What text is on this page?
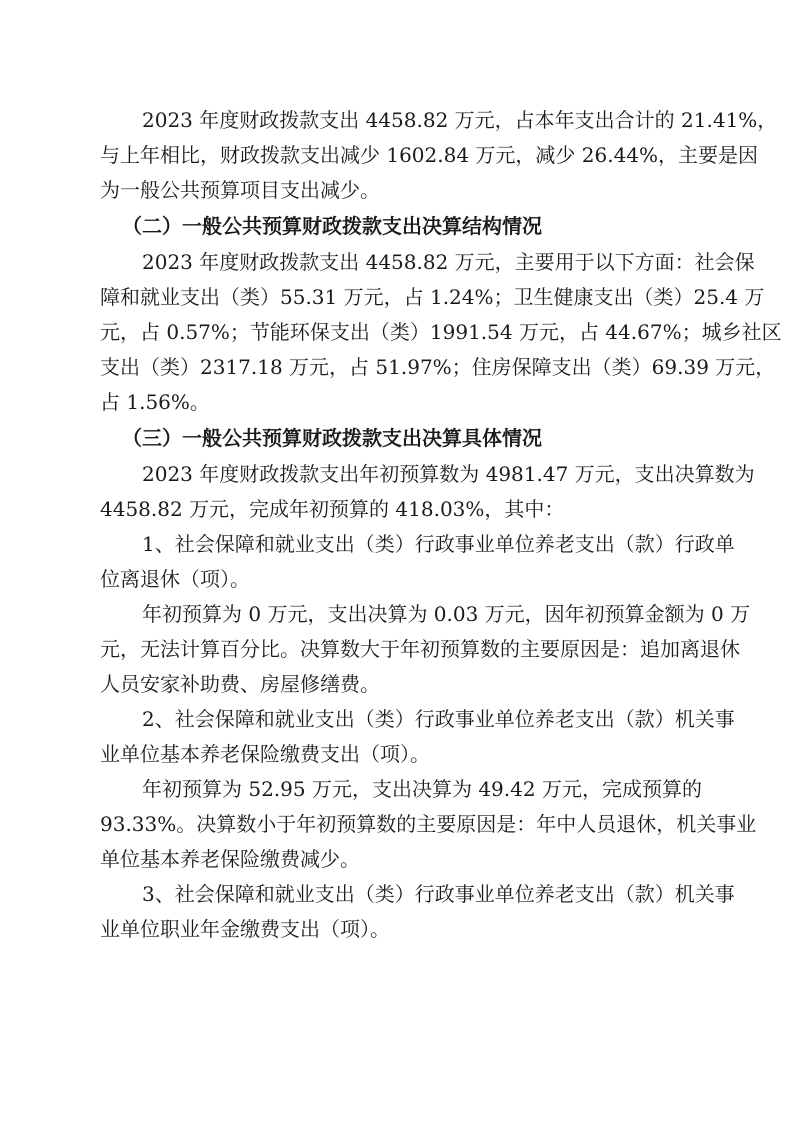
2023 年度财政拨款支出 4458.82 万元，占本年支出合计的 21.41%，
与上年相比，财政拨款支出减少 1602.84 万元，减少 26.44%，主要是因
为一般公共预算项目支出减少。
（二）一般公共预算财政拨款支出决算结构情况
2023 年度财政拨款支出 4458.82 万元，主要用于以下方面：社会保
障和就业支出（类）55.31 万元，占 1.24%；卫生健康支出（类）25.4 万
元，占 0.57%；节能环保支出（类）1991.54 万元，占 44.67%；城乡社区
支出（类）2317.18 万元，占 51.97%；住房保障支出（类）69.39 万元，
占 1.56%。
（三）一般公共预算财政拨款支出决算具体情况
2023 年度财政拨款支出年初预算数为 4981.47 万元，支出决算数为
4458.82 万元，完成年初预算的 418.03%，其中：
1、社会保障和就业支出（类）行政事业单位养老支出（款）行政单
位离退休（项）。
年初预算为 0 万元，支出决算为 0.03 万元，因年初预算金额为 0 万
元，无法计算百分比。决算数大于年初预算数的主要原因是：追加离退休
人员安家补助费、房屋修缮费。
2、社会保障和就业支出（类）行政事业单位养老支出（款）机关事
业单位基本养老保险缴费支出（项）。
年初预算为 52.95 万元，支出决算为 49.42 万元，完成预算的
93.33%。决算数小于年初预算数的主要原因是：年中人员退休，机关事业
单位基本养老保险缴费减少。
3、社会保障和就业支出（类）行政事业单位养老支出（款）机关事
业单位职业年金缴费支出（项）。
